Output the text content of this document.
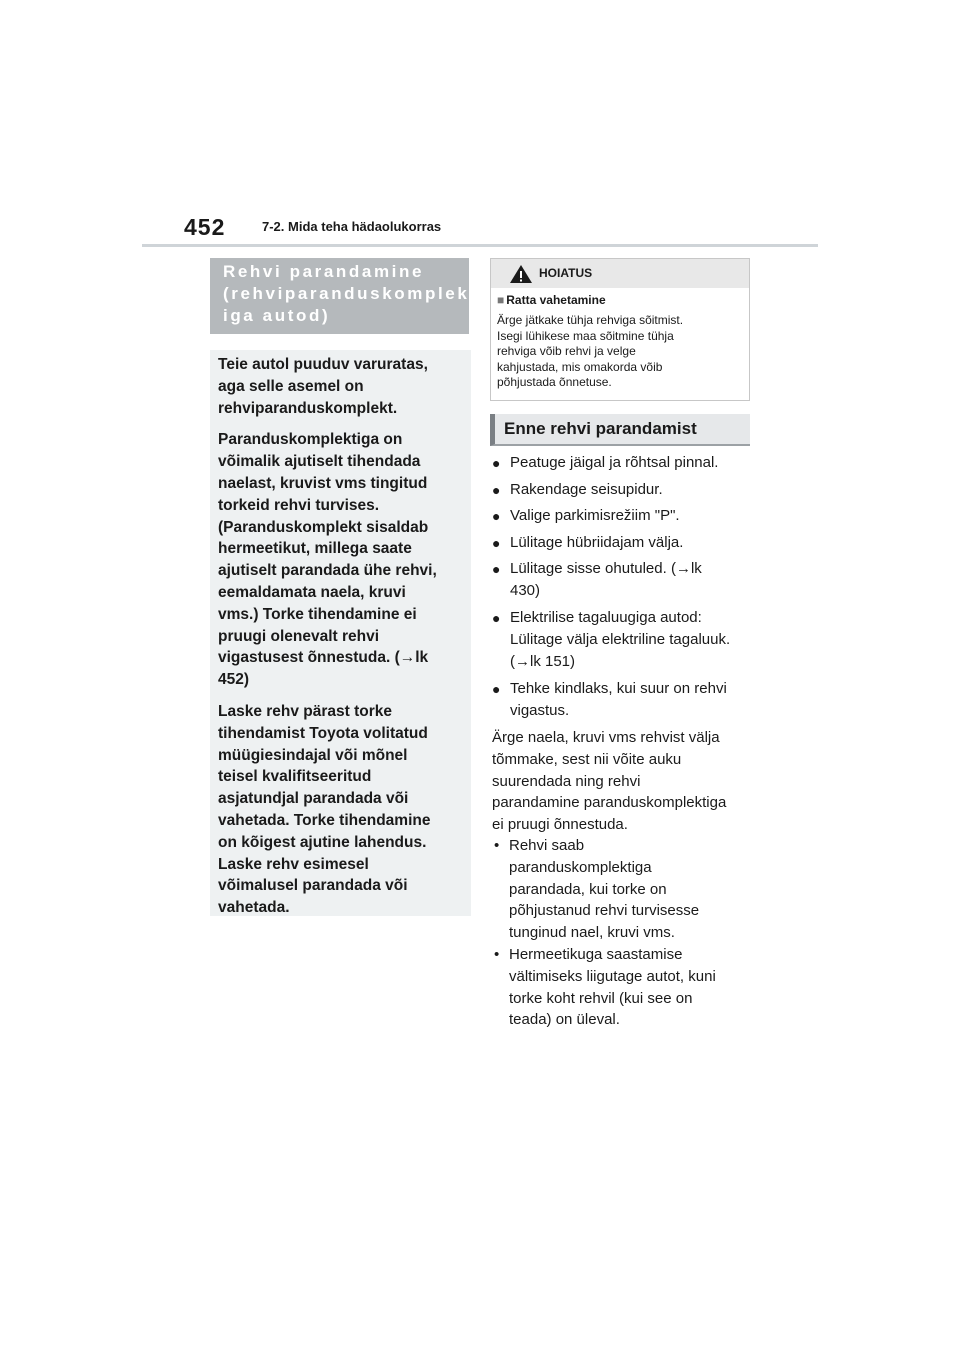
452	7-2. Mida teha hädaolukorras
Rehvi parandamine
(rehviparanduskomplekt
iga autod)

Teie autol puuduv varuratas,
aga selle asemel on
rehviparanduskomplekt.

Paranduskomplektiga on
võimalik ajutiselt tihendada
naelast, kruvist vms tingitud
torkeid rehvi turvises.
(Paranduskomplekt sisaldab
hermeetikut, millega saate
ajutiselt parandada ühe rehvi,
eemaldamata naela, kruvi
vms.) Torke tihendamine ei
pruugi olenevalt rehvi
vigastusest õnnestuda. (→lk
452)

Laske rehv pärast torke
tihendamist Toyota volitatud
müügiesindajal või mõnel
teisel kvalifitseeritud
asjatundjal parandada või
vahetada. Torke tihendamine
on kõigest ajutine lahendus.
Laske rehv esimesel
võimalusel parandada või
vahetada.

HOIATUS
■ Ratta vahetamine
Ärge jätkake tühja rehviga sõitmist.
Isegi lühikese maa sõitmine tühja
rehviga võib rehvi ja velge
kahjustada, mis omakorda võib
põhjustada õnnetuse.
Enne rehvi parandamist
● Peatuge jäigal ja rõhtsal pinnal.
● Rakendage seisupidur.
● Valige parkimisrežiim "P".
● Lülitage hübriidajam välja.
● Lülitage sisse ohutuled. (→lk
430)
● Elektrilise tagaluugiga autod:
Lülitage välja elektriline tagaluuk.
(→lk 151)
● Tehke kindlaks, kui suur on rehvi
vigastus.
Ärge naela, kruvi vms rehvist välja
tõmmake, sest nii võite auku
suurendada ning rehvi
parandamine paranduskomplektiga
ei pruugi õnnestuda.
• Rehvi saab
paranduskomplektiga
parandada, kui torke on
põhjustanud rehvi turvisesse
tunginud nael, kruvi vms.
• Hermeetikuga saastamise
vältimiseks liigutage autot, kuni
torke koht rehvil (kui see on
teada) on üleval.
